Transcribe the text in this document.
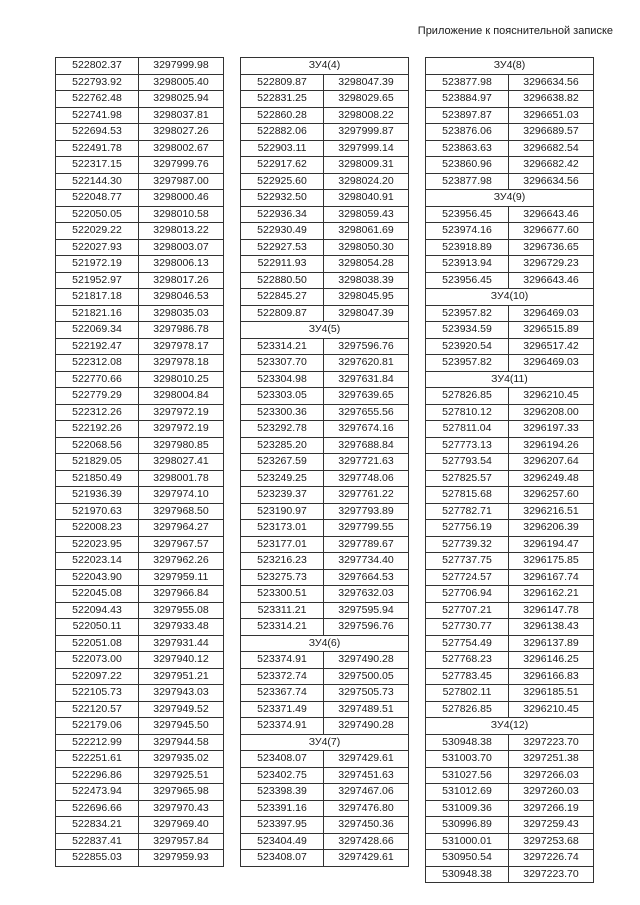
Приложение к пояснительной записке
522802.37	3297999.98
522793.92	3298005.40
522762.48	3298025.94
522741.98	3298037.81
522694.53	3298027.26
522491.78	3298002.67
522317.15	3297999.76
522144.30	3297987.00
522048.77	3298000.46
522050.05	3298010.58
522029.22	3298013.22
522027.93	3298003.07
521972.19	3298006.13
521952.97	3298017.26
521817.18	3298046.53
521821.16	3298035.03
522069.34	3297986.78
522192.47	3297978.17
522312.08	3297978.18
522770.66	3298010.25
522779.29	3298004.84
522312.26	3297972.19
522192.26	3297972.19
522068.56	3297980.85
521829.05	3298027.41
521850.49	3298001.78
521936.39	3297974.10
521970.63	3297968.50
522008.23	3297964.27
522023.95	3297967.57
522023.14	3297962.26
522043.90	3297959.11
522045.08	3297966.84
522094.43	3297955.08
522050.11	3297933.48
522051.08	3297931.44
522073.00	3297940.12
522097.22	3297951.21
522105.73	3297943.03
522120.57	3297949.52
522179.06	3297945.50
522212.99	3297944.58
522251.61	3297935.02
522296.86	3297925.51
522473.94	3297965.98
522696.66	3297970.43
522834.21	3297969.40
522837.41	3297957.84
522855.03	3297959.93
ЗУ4(4)	
522809.87	3298047.39
522831.25	3298029.65
522860.28	3298008.22
522882.06	3297999.87
522903.11	3297999.14
522917.62	3298009.31
522925.60	3298024.20
522932.50	3298040.91
522936.34	3298059.43
522930.49	3298061.69
522927.53	3298050.30
522911.93	3298054.28
522880.50	3298038.39
522845.27	3298045.95
522809.87	3298047.39
ЗУ4(5)	
523314.21	3297596.76
523307.70	3297620.81
523304.98	3297631.84
523303.05	3297639.65
523300.36	3297655.56
523292.78	3297674.16
523285.20	3297688.84
523267.59	3297721.63
523249.25	3297748.06
523239.37	3297761.22
523190.97	3297793.89
523173.01	3297799.55
523177.01	3297789.67
523216.23	3297734.40
523275.73	3297664.53
523300.51	3297632.03
523311.21	3297595.94
523314.21	3297596.76
ЗУ4(6)	
523374.91	3297490.28
523372.74	3297500.05
523367.74	3297505.73
523371.49	3297489.51
523374.91	3297490.28
ЗУ4(7)	
523408.07	3297429.61
523402.75	3297451.63
523398.39	3297467.06
523391.16	3297476.80
523397.95	3297450.36
523404.49	3297428.66
523408.07	3297429.61
ЗУ4(8)	
523877.98	3296634.56
523884.97	3296638.82
523897.87	3296651.03
523876.06	3296689.57
523863.63	3296682.54
523860.96	3296682.42
523877.98	3296634.56
ЗУ4(9)	
523956.45	3296643.46
523974.16	3296677.60
523918.89	3296736.65
523913.94	3296729.23
523956.45	3296643.46
ЗУ4(10)	
523957.82	3296469.03
523934.59	3296515.89
523920.54	3296517.42
523957.82	3296469.03
ЗУ4(11)	
527826.85	3296210.45
527810.12	3296208.00
527811.04	3296197.33
527773.13	3296194.26
527793.54	3296207.64
527825.57	3296249.48
527815.68	3296257.60
527782.71	3296216.51
527756.19	3296206.39
527739.32	3296194.47
527737.75	3296175.85
527724.57	3296167.74
527706.94	3296162.21
527707.21	3296147.78
527730.77	3296138.43
527754.49	3296137.89
527768.23	3296146.25
527783.45	3296166.83
527802.11	3296185.51
527826.85	3296210.45
ЗУ4(12)	
530948.38	3297223.70
531003.70	3297251.38
531027.56	3297266.03
531012.69	3297260.03
531009.36	3297266.19
530996.89	3297259.43
531000.01	3297253.68
530950.54	3297226.74
530948.38	3297223.70
